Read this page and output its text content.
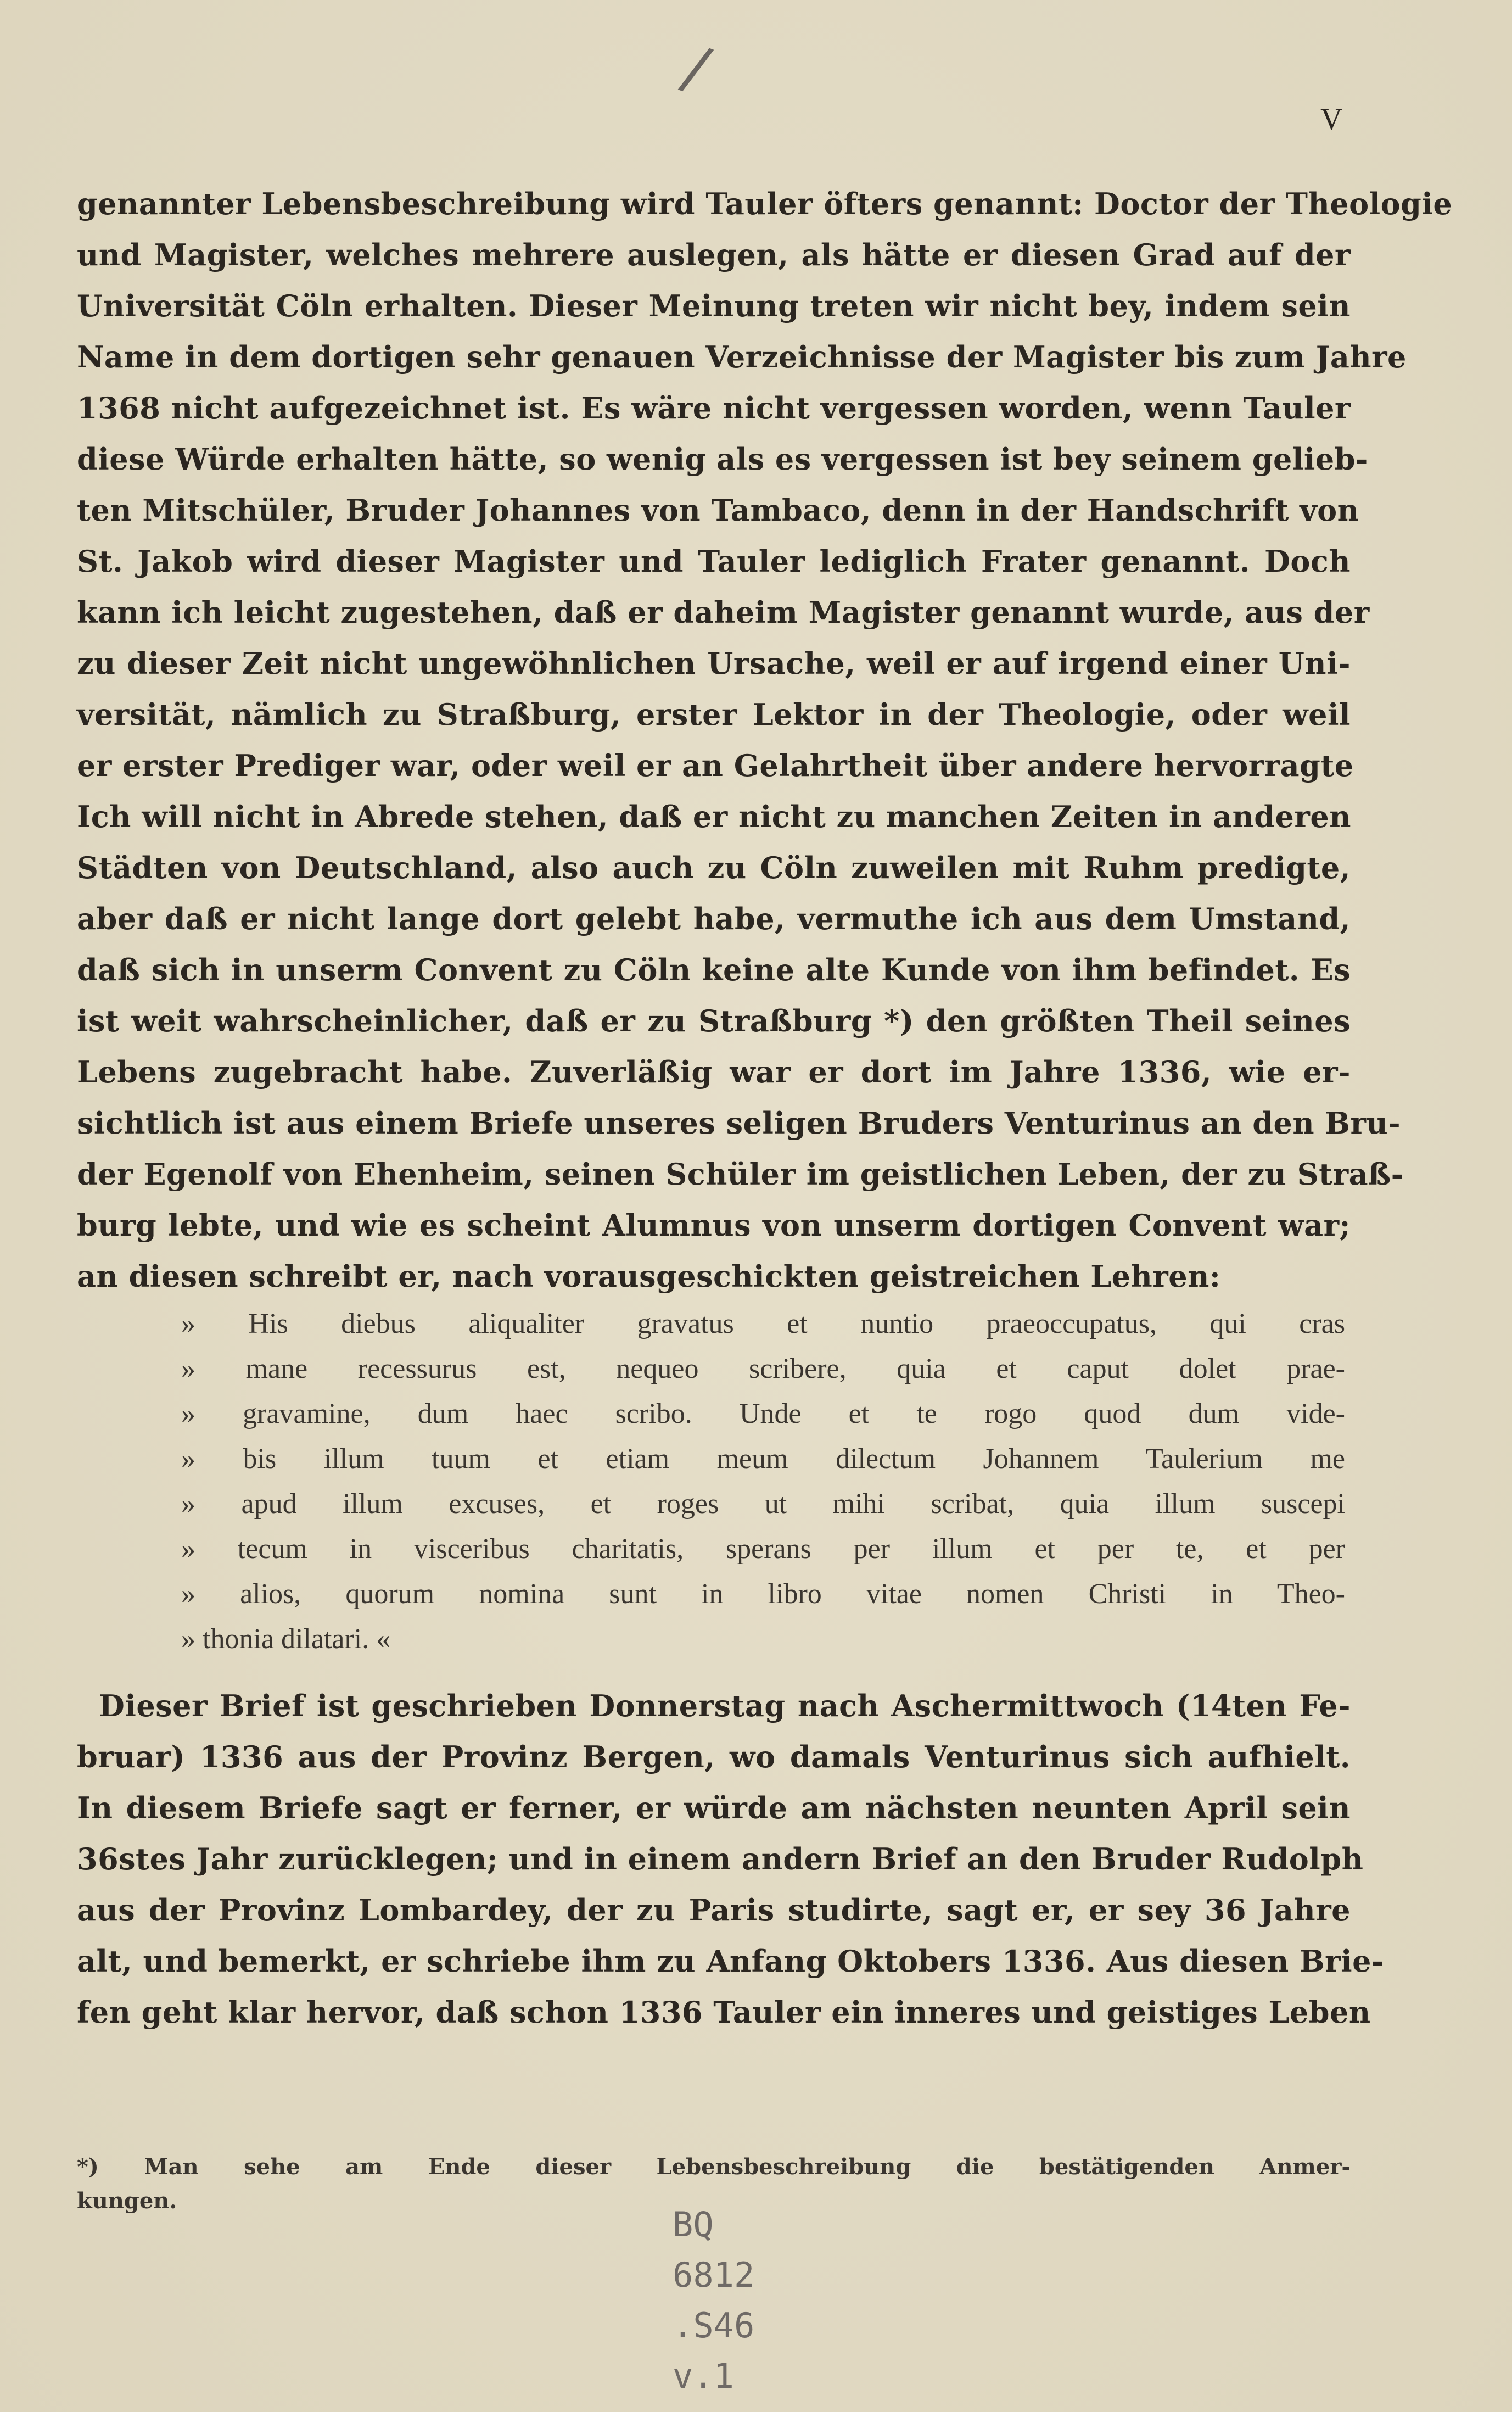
/
V
genannter Lebensbeschreibung wird Tauler öfters genannt: Doctor der Theologie
und Magister, welches mehrere auslegen, als hätte er diesen Grad auf der
Universität Cöln erhalten. Dieser Meinung treten wir nicht bey, indem sein
Name in dem dortigen sehr genauen Verzeichnisse der Magister bis zum Jahre
1368 nicht aufgezeichnet ist. Es wäre nicht vergessen worden, wenn Tauler
diese Würde erhalten hätte, so wenig als es vergessen ist bey seinem gelieb-
ten Mitschüler, Bruder Johannes von Tambaco, denn in der Handschrift von
St. Jakob wird dieser Magister und Tauler lediglich Frater genannt. Doch
kann ich leicht zugestehen, daß er daheim Magister genannt wurde, aus der
zu dieser Zeit nicht ungewöhnlichen Ursache, weil er auf irgend einer Uni-
versität, nämlich zu Straßburg, erster Lektor in der Theologie, oder weil
er erster Prediger war, oder weil er an Gelahrtheit über andere hervorragte
Ich will nicht in Abrede stehen, daß er nicht zu manchen Zeiten in anderen
Städten von Deutschland, also auch zu Cöln zuweilen mit Ruhm predigte,
aber daß er nicht lange dort gelebt habe, vermuthe ich aus dem Umstand,
daß sich in unserm Convent zu Cöln keine alte Kunde von ihm befindet. Es
ist weit wahrscheinlicher, daß er zu Straßburg *) den größten Theil seines
Lebens zugebracht habe. Zuverläßig war er dort im Jahre 1336, wie er-
sichtlich ist aus einem Briefe unseres seligen Bruders Venturinus an den Bru-
der Egenolf von Ehenheim, seinen Schüler im geistlichen Leben, der zu Straß-
burg lebte, und wie es scheint Alumnus von unserm dortigen Convent war;
an diesen schreibt er, nach vorausgeschickten geistreichen Lehren:
» His diebus aliqualiter gravatus et nuntio praeoccupatus, qui cras
» mane recessurus est, nequeo scribere, quia et caput dolet prae-
» gravamine, dum haec scribo. Unde et te rogo quod dum vide-
» bis illum tuum et etiam meum dilectum Johannem Taulerium me
» apud illum excuses, et roges ut mihi scribat, quia illum suscepi
» tecum in visceribus charitatis, sperans per illum et per te, et per
» alios, quorum nomina sunt in libro vitae nomen Christi in Theo-
» thonia dilatari. «
Dieser Brief ist geschrieben Donnerstag nach Aschermittwoch (14ten Fe-
bruar) 1336 aus der Provinz Bergen, wo damals Venturinus sich aufhielt.
In diesem Briefe sagt er ferner, er würde am nächsten neunten April sein
36stes Jahr zurücklegen; und in einem andern Brief an den Bruder Rudolph
aus der Provinz Lombardey, der zu Paris studirte, sagt er, er sey 36 Jahre
alt, und bemerkt, er schriebe ihm zu Anfang Oktobers 1336. Aus diesen Brie-
fen geht klar hervor, daß schon 1336 Tauler ein inneres und geistiges Leben
*) Man sehe am Ende dieser Lebensbeschreibung die bestätigenden Anmer-
kungen.
BQ
6812
.S46
v.1
